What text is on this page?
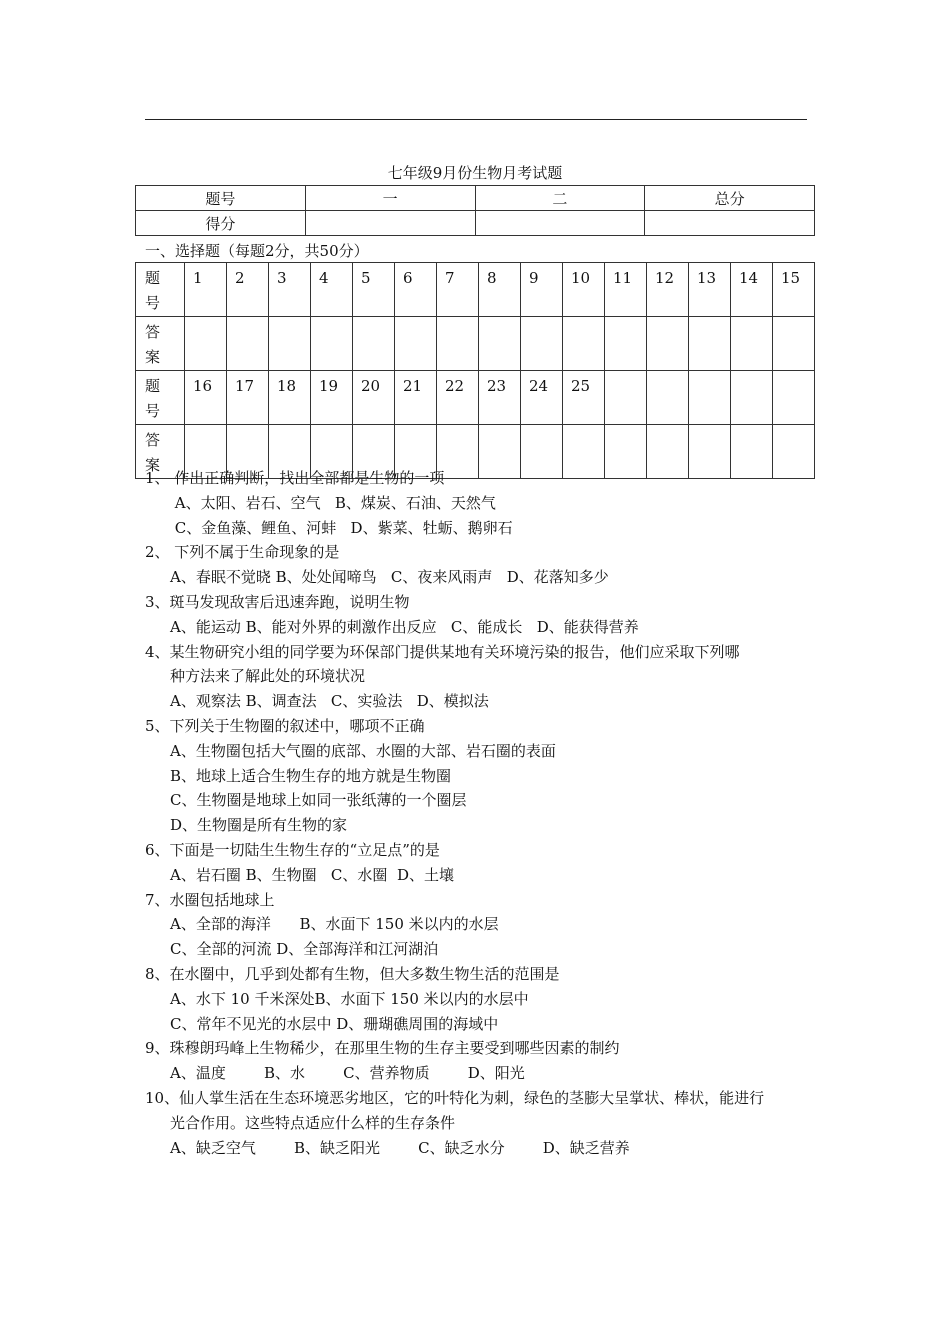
七年级9月份生物月考试题
题号	一	二	总分
得分			
一、选择题（每题2分，共50分）
题
号	1	2	3	4	5	6	7	8	9	10	11	12	13	14	15
答
案															
题
号	16	17	18	19	20	21	22	23	24	25					
答
案															

1、 作出正确判断，找出全部都是生物的一项

A、太阳、岩石、空气   B、煤炭、石油、天然气

C、金鱼藻、鲤鱼、河蚌   D、紫菜、牡蛎、鹅卵石

2、 下列不属于生命现象的是

A、春眠不觉晓 B、处处闻啼鸟   C、夜来风雨声   D、花落知多少

3、斑马发现敌害后迅速奔跑，说明生物

A、能运动 B、能对外界的刺激作出反应   C、能成长   D、能获得营养

4、某生物研究小组的同学要为环保部门提供某地有关环境污染的报告，他们应采取下列哪

种方法来了解此处的环境状况

A、观察法 B、调查法   C、实验法   D、模拟法

5、下列关于生物圈的叙述中，哪项不正确

A、生物圈包括大气圈的底部、水圈的大部、岩石圈的表面

B、地球上适合生物生存的地方就是生物圈

C、生物圈是地球上如同一张纸薄的一个圈层

D、生物圈是所有生物的家

6、下面是一切陆生生物生存的“立足点”的是

A、岩石圈 B、生物圈   C、水圈  D、土壤

7、水圈包括地球上

A、全部的海洋      B、水面下 150 米以内的水层

C、全部的河流 D、全部海洋和江河湖泊

8、在水圈中，几乎到处都有生物，但大多数生物生活的范围是

A、水下 10 千米深处B、水面下 150 米以内的水层中

C、常年不见光的水层中 D、珊瑚礁周围的海域中

9、珠穆朗玛峰上生物稀少，在那里生物的生存主要受到哪些因素的制约

A、温度        B、水        C、营养物质        D、阳光

10、仙人掌生活在生态环境恶劣地区，它的叶特化为刺，绿色的茎膨大呈掌状、棒状，能进行

光合作用。这些特点适应什么样的生存条件

A、缺乏空气        B、缺乏阳光        C、缺乏水分        D、缺乏营养
